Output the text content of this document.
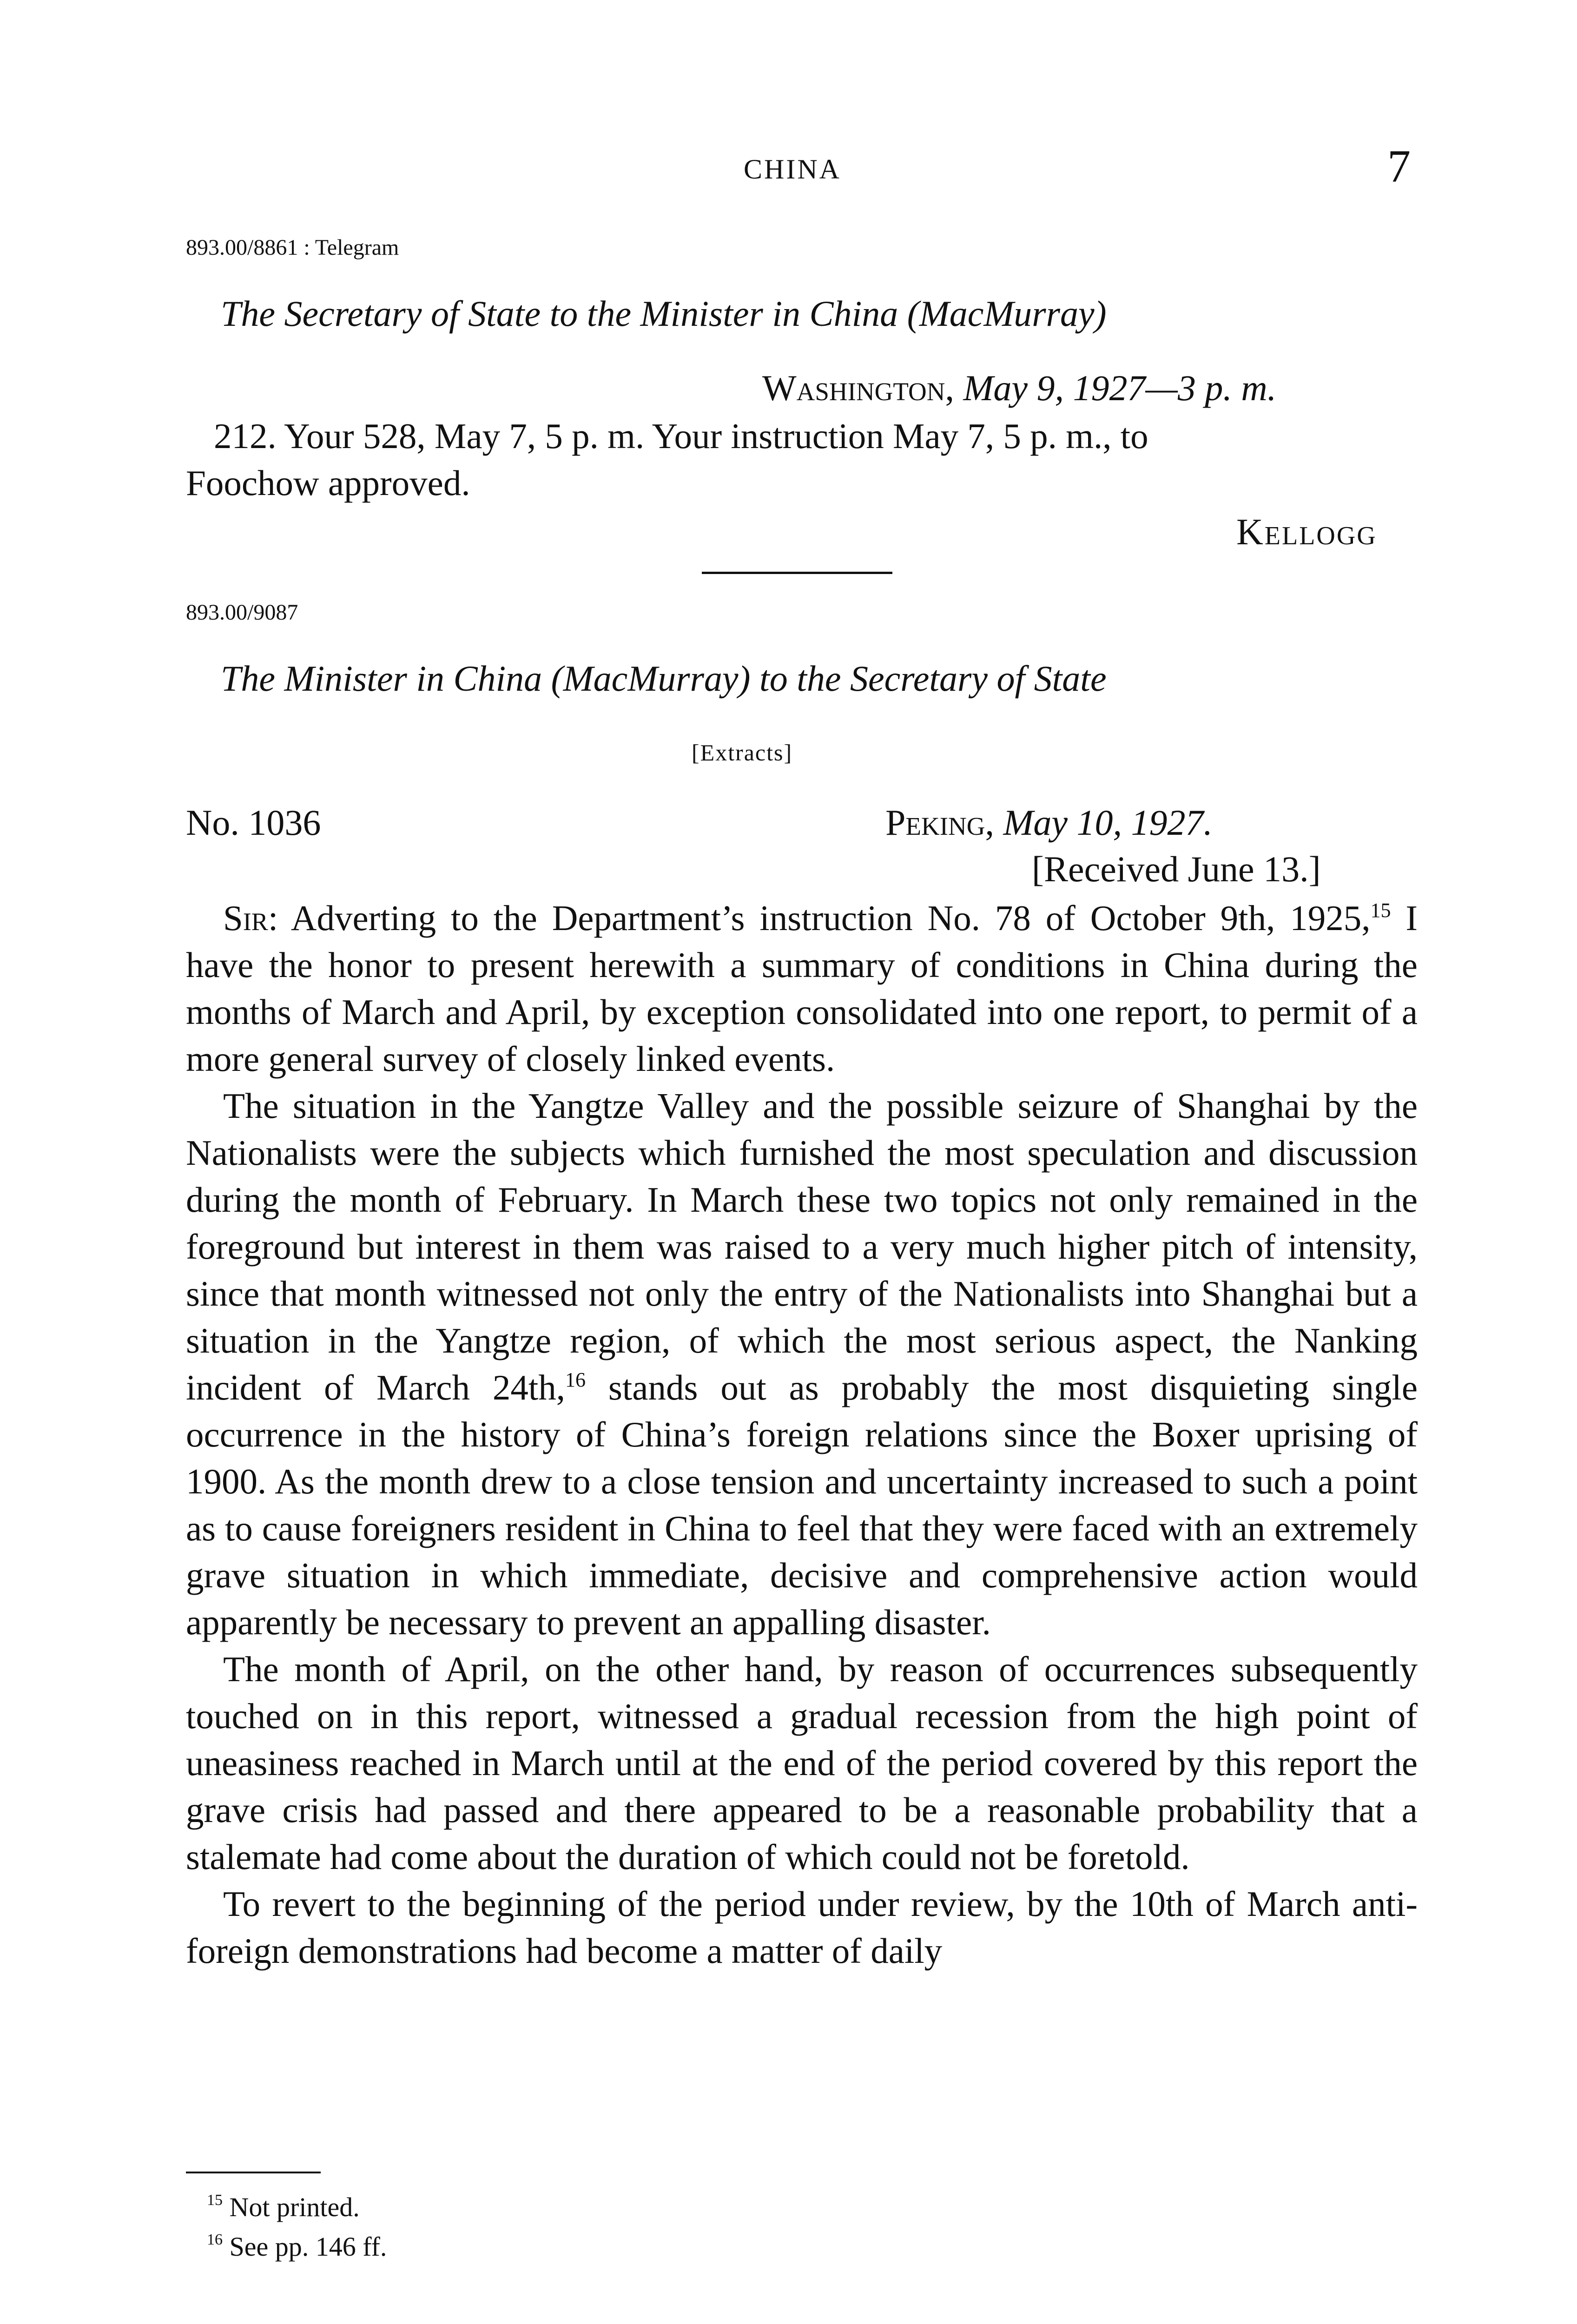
CHINA	7
893.00/8861 : Telegram
The Secretary of State to the Minister in China (MacMurray)
Washington, May 9, 1927—3 p. m.

212. Your 528, May 7, 5 p. m. Your instruction May 7, 5 p. m., to

Foochow approved.

Kellogg
893.00/9087
The Minister in China (MacMurray) to the Secretary of State
[Extracts]
No. 1036	Peking, May 10, 1927.
[Received June 13.]

Sir: Adverting to the Department’s instruction No. 78 of October 9th, 1925,15 I have the honor to present herewith a summary of conditions in China during the months of March and April, by exception consolidated into one report, to permit of a more general survey of closely linked events.

The situation in the Yangtze Valley and the possible seizure of Shanghai by the Nationalists were the subjects which furnished the most speculation and discussion during the month of February. In March these two topics not only remained in the foreground but interest in them was raised to a very much higher pitch of intensity, since that month witnessed not only the entry of the Nationalists into Shanghai but a situation in the Yangtze region, of which the most serious aspect, the Nanking incident of March 24th,$^{16}$ stands out as probably the most disquieting single occurrence in the history of China’s foreign relations since the Boxer uprising of 1900. As the month drew to a close tension and uncertainty increased to such a point as to cause foreigners resident in China to feel that they were faced with an extremely grave situation in which immediate, decisive and comprehensive action would apparently be necessary to prevent an appalling disaster.

The month of April, on the other hand, by reason of occurrences subsequently touched on in this report, witnessed a gradual recession from the high point of uneasiness reached in March until at the end of the period covered by this report the grave crisis had passed and there appeared to be a reasonable probability that a stalemate had come about the duration of which could not be foretold.

To revert to the beginning of the period under review, by the 10th of March anti-foreign demonstrations had become a matter of daily

$^{15}$ Not printed.
$^{16}$ See pp. 146 ff.
